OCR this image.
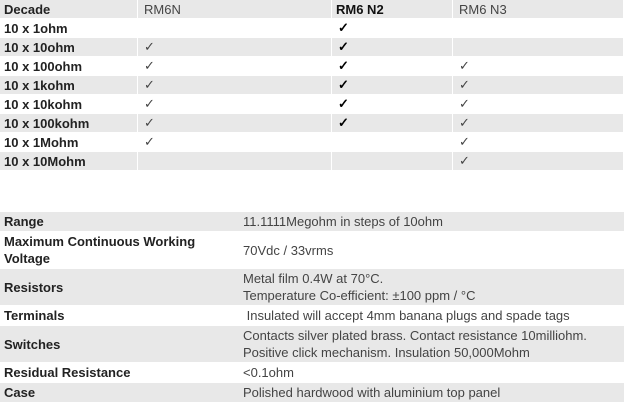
Decade	RM6N	RM6 N2	RM6 N3
10 x 1ohm		✓	
10 x 10ohm	✓	✓	
10 x 100ohm	✓	✓	✓
10 x 1kohm	✓	✓	✓
10 x 10kohm	✓	✓	✓
10 x 100kohm	✓	✓	✓
10 x 1Mohm	✓		✓
10 x 10Mohm			✓
Range	11.1111Megohm in steps of 10ohm

Maximum Continuous Working Voltage	70Vdc / 33vrms

Resistors	Metal film 0.4W at 70°C.
Temperature Co-efficient: ±100 ppm / °C

Terminals	Insulated will accept 4mm banana plugs and spade tags

Switches	Contacts silver plated brass. Contact resistance 10milliohm.
Positive click mechanism. Insulation 50,000Mohm

Residual Resistance	<0.1ohm

Case	Polished hardwood with aluminium top panel
